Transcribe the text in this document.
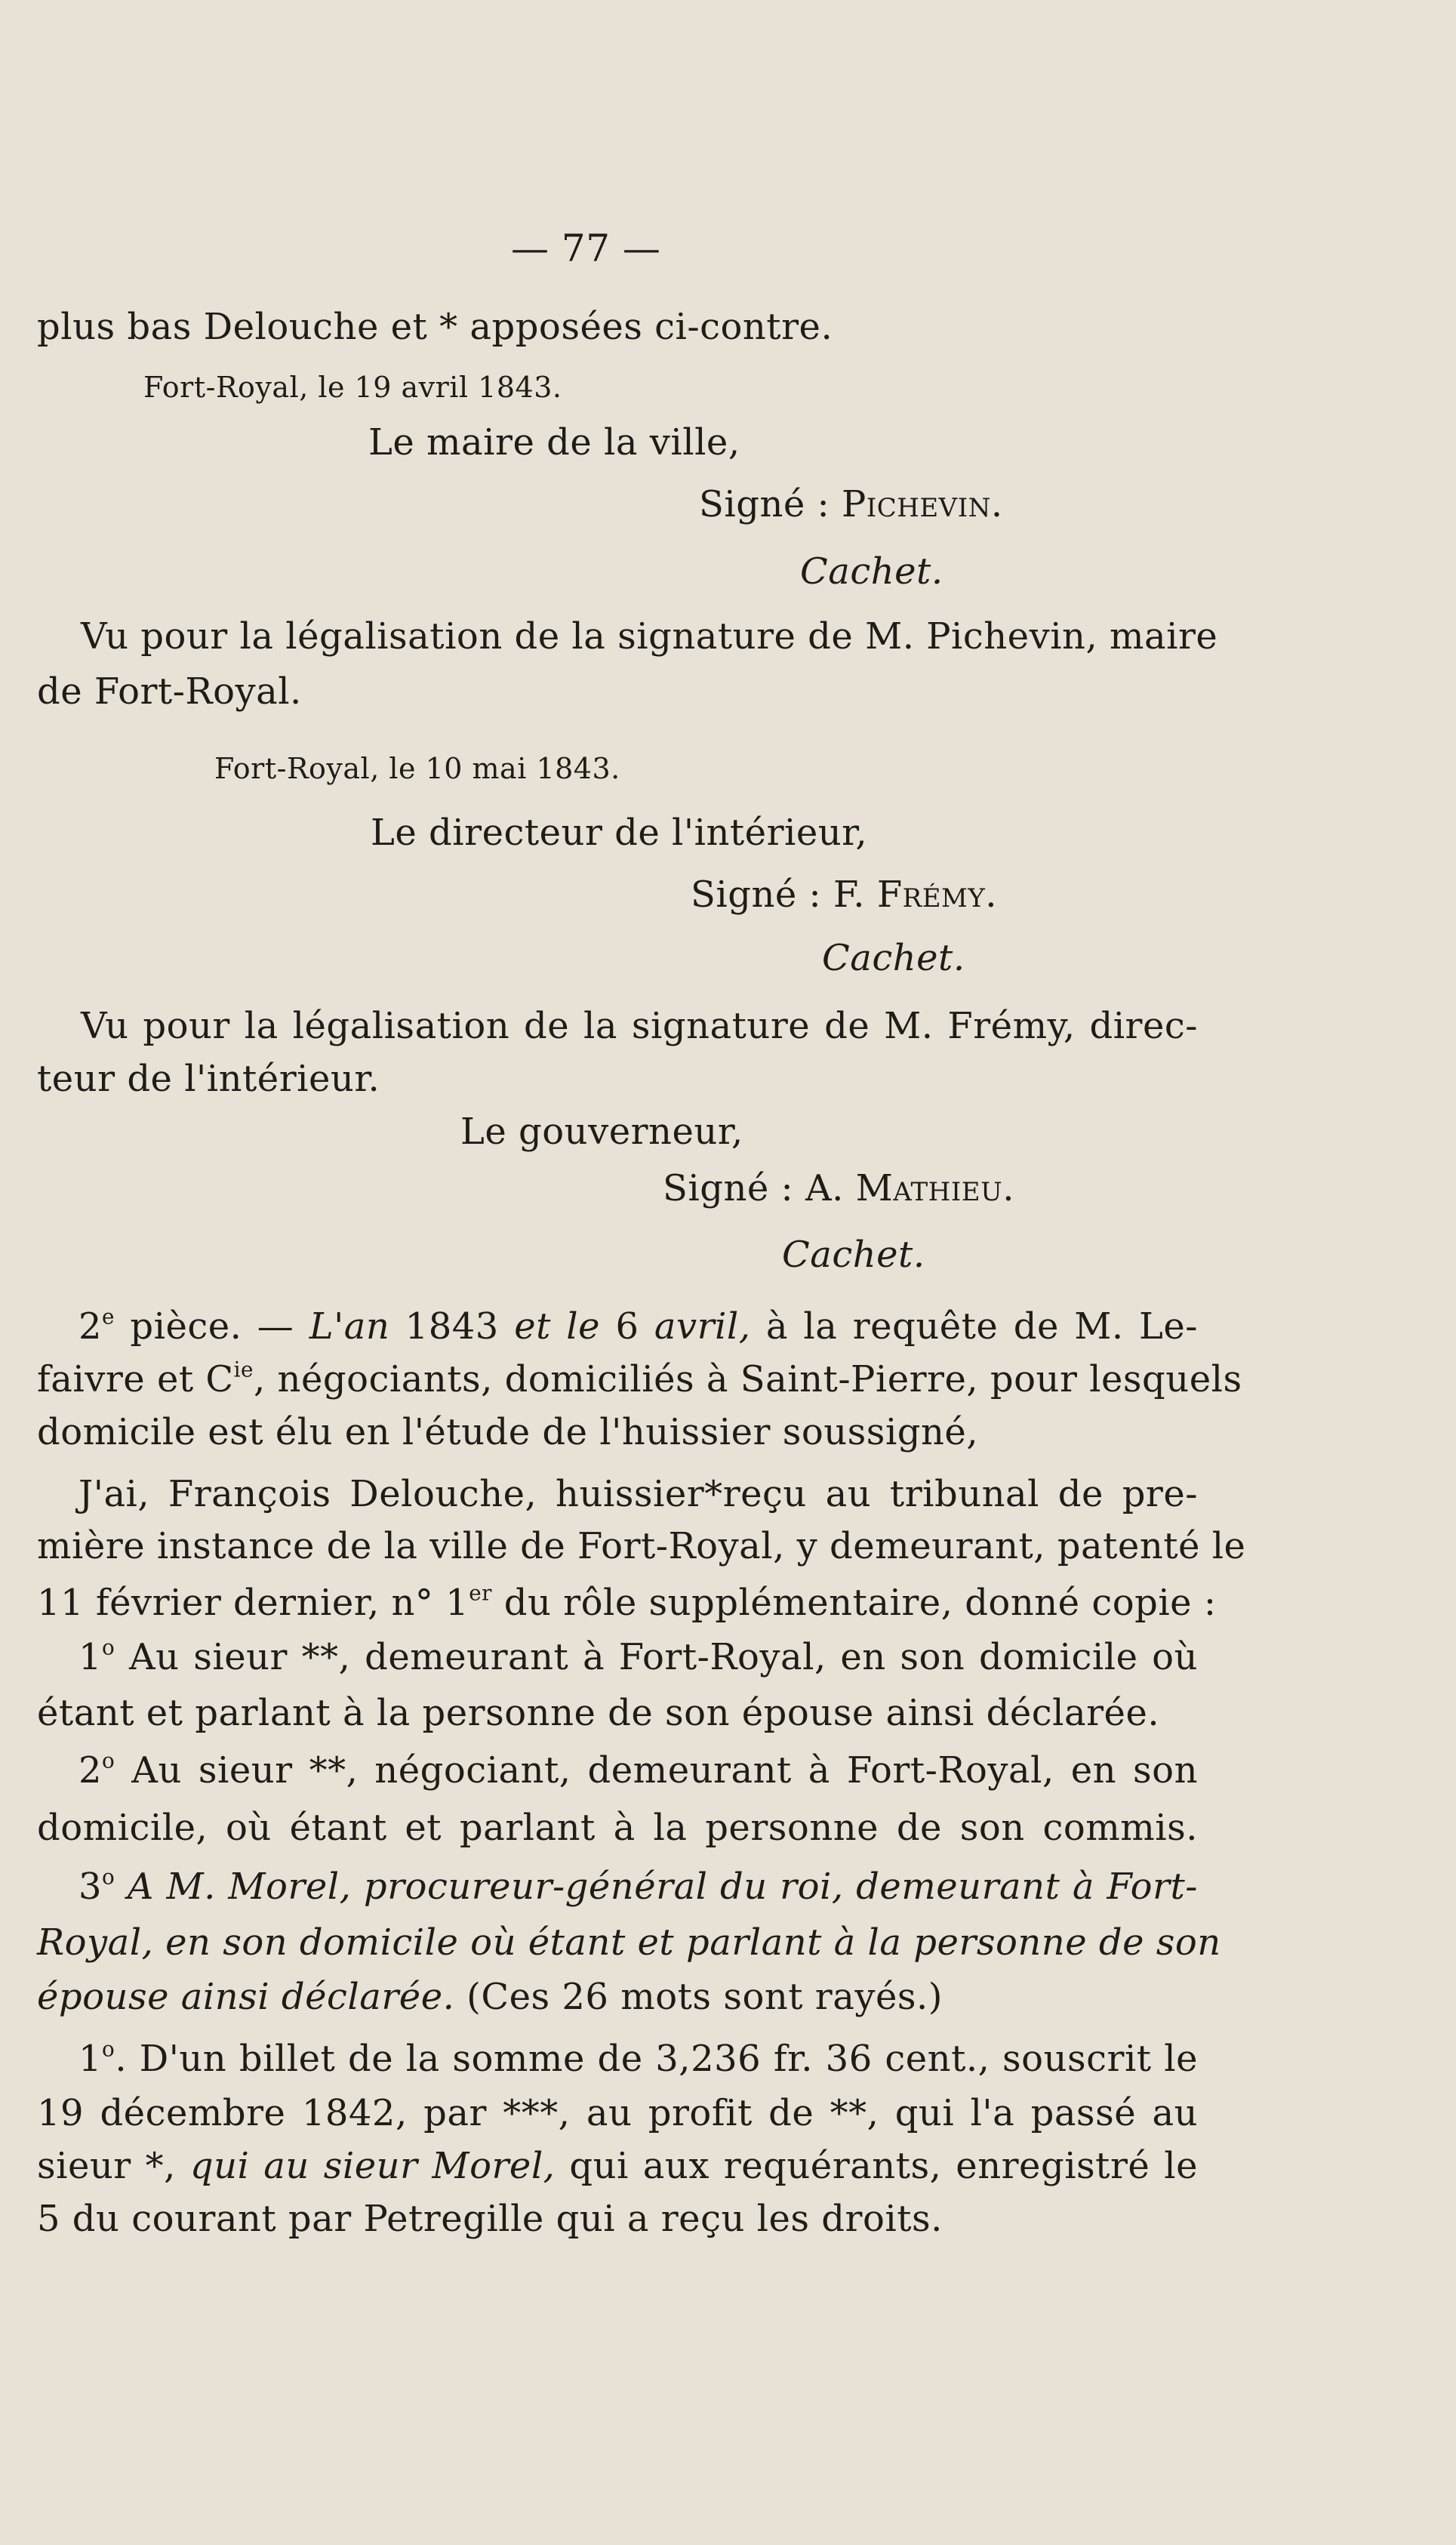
— 77 —
plus bas Delouche et * apposées ci-contre.
Fort-Royal, le 19 avril 1843.
Le maire de la ville,
Signé : Pichevin.
Cachet.
Vu pour la légalisation de la signature de M. Pichevin, maire
de Fort-Royal.
Fort-Royal, le 10 mai 1843.
Le directeur de l'intérieur,
Signé : F. Frémy.
Cachet.
Vu pour la légalisation de la signature de M. Frémy, direc-
teur de l'intérieur.
Le gouverneur,
Signé : A. Mathieu.
Cachet.
2e pièce. — L'an 1843 et le 6 avril, à la requête de M. Le-
faivre et $C^{ie}$, négociants, domiciliés à Saint-Pierre, pour lesquels
domicile est élu en l'étude de l'huissier soussigné,
J'ai, François Delouche, huissier*reçu au tribunal de pre-
mière instance de la ville de Fort-Royal, y demeurant, patenté le
11 février dernier, n° 1er du rôle supplémentaire, donné copie :
1$^o$ Au sieur **, demeurant à Fort-Royal, en son domicile où
étant et parlant à la personne de son épouse ainsi déclarée.
2$^o$ Au sieur **, négociant, demeurant à Fort-Royal, en son
domicile, où étant et parlant à la personne de son commis.
3$^o$ A M. Morel, procureur-général du roi, demeurant à Fort-
Royal, en son domicile où étant et parlant à la personne de son
épouse ainsi déclarée. (Ces 26 mots sont rayés.)
1$^o$. D'un billet de la somme de 3,236 fr. 36 cent., souscrit le
19 décembre 1842, par ***, au profit de **, qui l'a passé au
sieur *, qui au sieur Morel, qui aux requérants, enregistré le
5 du courant par Petregille qui a reçu les droits.
